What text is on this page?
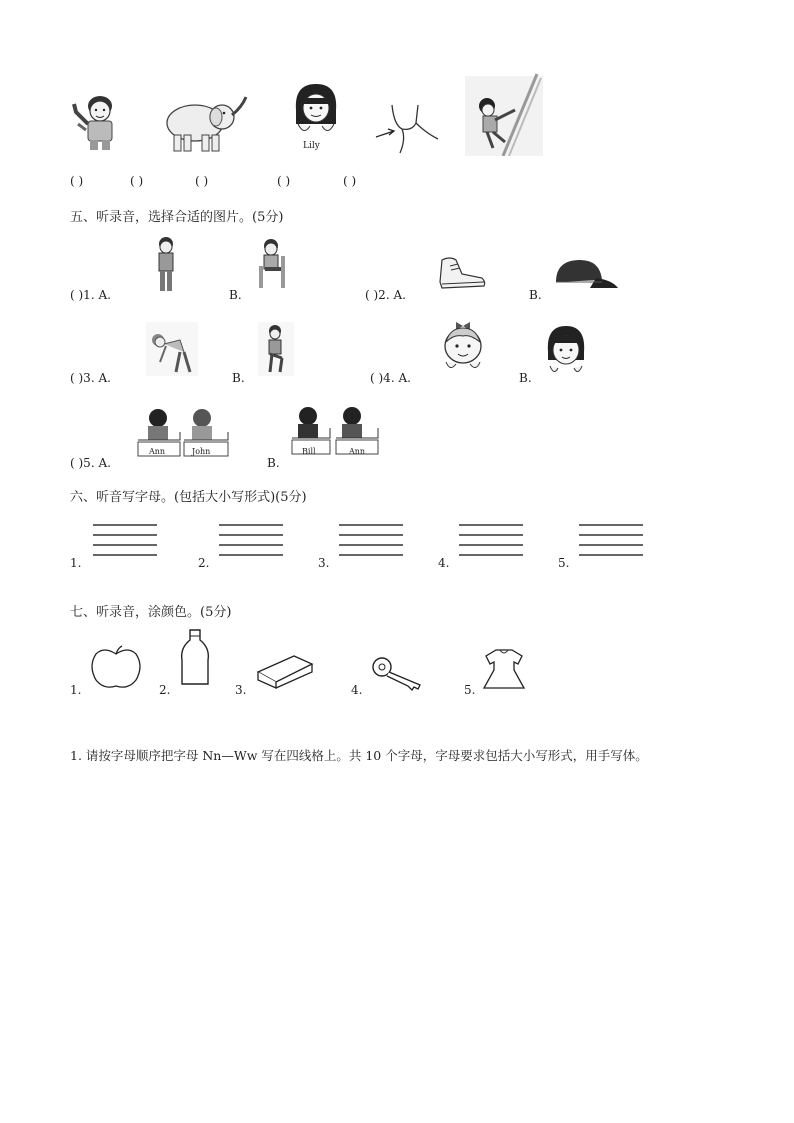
Lily
( )	( )	( )	( )	( )
五、听录音，选择合适的图片。(5分)
( )1. A.	B.	( )2. A.	B.
( )3. A.	B.	( )4. A.	B.
( )5. A.
Ann	John
B.
Bill	Ann
六、听音写字母。(包括大小写形式)(5分)
1.	2.	3.	4.	5.
七、听录音，涂颜色。(5分)
1.	2.	3.	4.	5.
1. 请按字母顺序把字母 Nn—Ww 写在四线格上。共 10 个字母，字母要求包括大小写形式，用手写体。
